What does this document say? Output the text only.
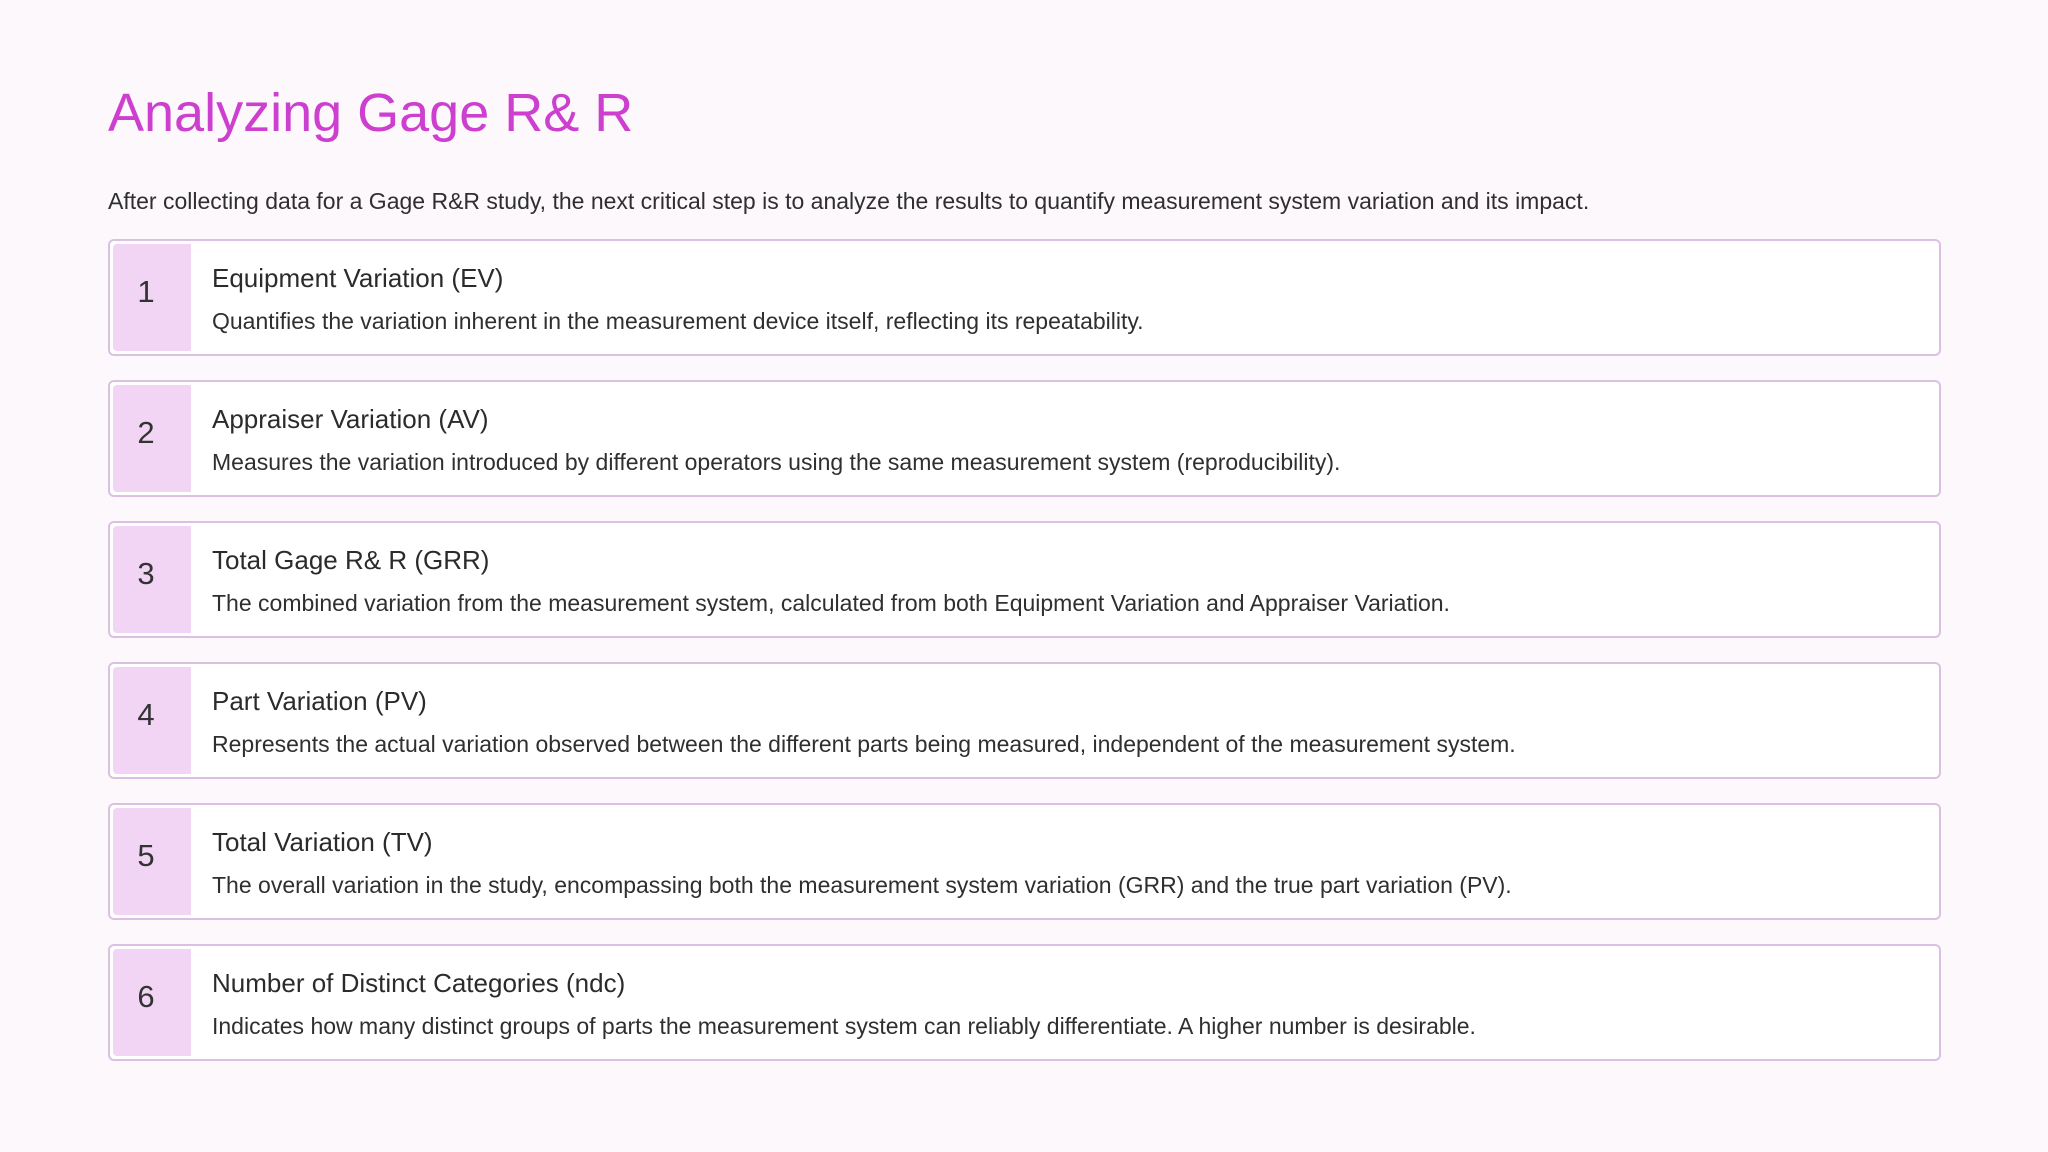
Analyzing Gage R& R

After collecting data for a Gage R&R study, the next critical step is to analyze the results to quantify measurement system variation and its impact.

1	Equipment Variation (EV)

Quantifies the variation inherent in the measurement device itself, reflecting its repeatability.

2	Appraiser Variation (AV)

Measures the variation introduced by different operators using the same measurement system (reproducibility).

3	Total Gage R& R (GRR)

The combined variation from the measurement system, calculated from both Equipment Variation and Appraiser Variation.

4	Part Variation (PV)

Represents the actual variation observed between the different parts being measured, independent of the measurement system.

5	Total Variation (TV)

The overall variation in the study, encompassing both the measurement system variation (GRR) and the true part variation (PV).

6	Number of Distinct Categories (ndc)

Indicates how many distinct groups of parts the measurement system can reliably differentiate. A higher number is desirable.
